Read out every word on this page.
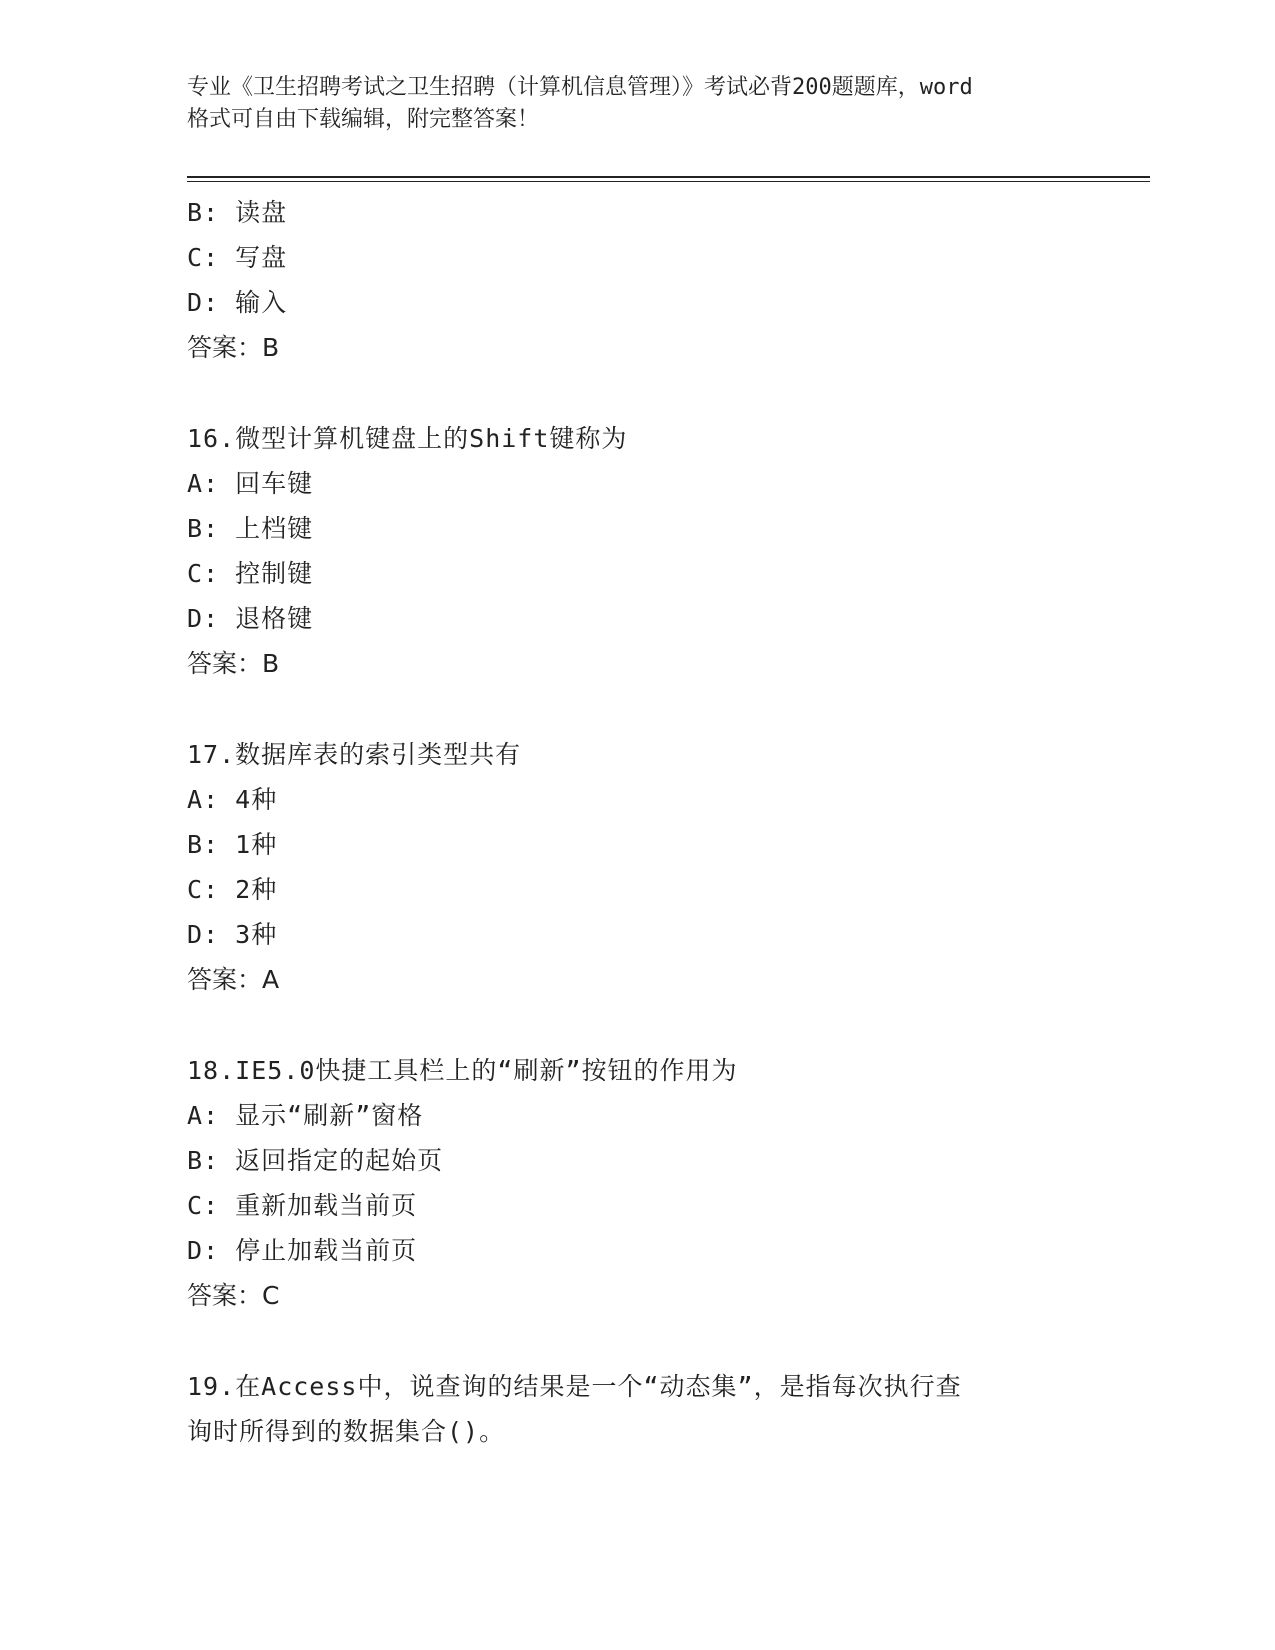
专业《卫生招聘考试之卫生招聘（计算机信息管理）》考试必背200题题库，word
格式可自由下载编辑，附完整答案！
B: 读盘
C: 写盘
D: 输入
答案：B
16.微型计算机键盘上的Shift键称为
A: 回车键
B: 上档键
C: 控制键
D: 退格键
答案：B
17.数据库表的索引类型共有
A: 4种
B: 1种
C: 2种
D: 3种
答案：A
18.IE5.0快捷工具栏上的“刷新”按钮的作用为
A: 显示“刷新”窗格
B: 返回指定的起始页
C: 重新加载当前页
D: 停止加载当前页
答案：C
19.在Access中，说查询的结果是一个“动态集”，是指每次执行查
询时所得到的数据集合()。
